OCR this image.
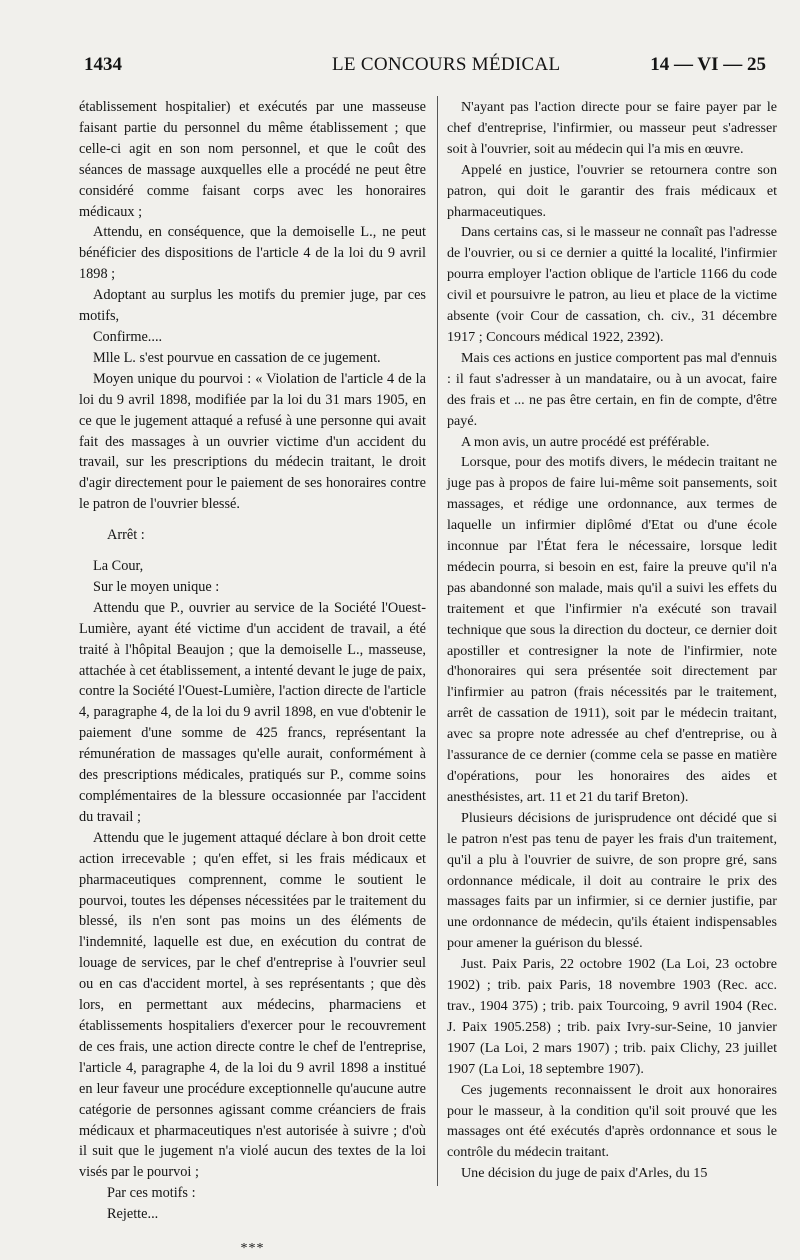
1434	LE CONCOURS MÉDICAL	14 — VI — 25

établissement hospitalier) et exécutés par une masseuse faisant partie du personnel du même établissement ; que celle-ci agit en son nom personnel, et que le coût des séances de massage auxquelles elle a procédé ne peut être considéré comme faisant corps avec les honoraires médicaux ;

Attendu, en conséquence, que la demoiselle L., ne peut bénéficier des dispositions de l'article 4 de la loi du 9 avril 1898 ;

Adoptant au surplus les motifs du premier juge, par ces motifs,

Confirme....

Mlle L. s'est pourvue en cassation de ce jugement.

Moyen unique du pourvoi : « Violation de l'article 4 de la loi du 9 avril 1898, modifiée par la loi du 31 mars 1905, en ce que le jugement attaqué a refusé à une personne qui avait fait des massages à un ouvrier victime d'un accident du travail, sur les prescriptions du médecin traitant, le droit d'agir directement pour le paiement de ses honoraires contre le patron de l'ouvrier blessé.

Arrêt :

La Cour,

Sur le moyen unique :

Attendu que P., ouvrier au service de la Société l'Ouest-Lumière, ayant été victime d'un accident de travail, a été traité à l'hôpital Beaujon ; que la demoiselle L., masseuse, attachée à cet établissement, a intenté devant le juge de paix, contre la Société l'Ouest-Lumière, l'action directe de l'article 4, paragraphe 4, de la loi du 9 avril 1898, en vue d'obtenir le paiement d'une somme de 425 francs, représentant la rémunération de massages qu'elle aurait, conformément à des prescriptions médicales, pratiqués sur P., comme soins complémentaires de la blessure occasionnée par l'accident du travail ;

Attendu que le jugement attaqué déclare à bon droit cette action irrecevable ; qu'en effet, si les frais médicaux et pharmaceutiques comprennent, comme le soutient le pourvoi, toutes les dépenses nécessitées par le traitement du blessé, ils n'en sont pas moins un des éléments de l'indemnité, laquelle est due, en exécution du contrat de louage de services, par le chef d'entreprise à l'ouvrier seul ou en cas d'accident mortel, à ses représentants ; que dès lors, en permettant aux médecins, pharmaciens et établissements hospitaliers d'exercer pour le recouvrement de ces frais, une action directe contre le chef de l'entreprise, l'article 4, paragraphe 4, de la loi du 9 avril 1898 a institué en leur faveur une procédure exceptionnelle qu'aucune autre catégorie de personnes agissant comme créanciers de frais médicaux et pharmaceutiques n'est autorisée à suivre ; d'où il suit que le jugement n'a violé aucun des textes de la loi visés par le pourvoi ;

Par ces motifs :

Rejette...

***

N'ayant pas l'action directe pour se faire payer par le chef d'entreprise, l'infirmier, ou masseur peut s'adresser soit à l'ouvrier, soit au médecin qui l'a mis en œuvre.

Appelé en justice, l'ouvrier se retournera contre son patron, qui doit le garantir des frais médicaux et pharmaceutiques.

Dans certains cas, si le masseur ne connaît pas l'adresse de l'ouvrier, ou si ce dernier a quitté la localité, l'infirmier pourra employer l'action oblique de l'article 1166 du code civil et poursuivre le patron, au lieu et place de la victime absente (voir Cour de cassation, ch. civ., 31 décembre 1917 ; Concours médical 1922, 2392).

Mais ces actions en justice comportent pas mal d'ennuis : il faut s'adresser à un mandataire, ou à un avocat, faire des frais et ... ne pas être certain, en fin de compte, d'être payé.

A mon avis, un autre procédé est préférable.

Lorsque, pour des motifs divers, le médecin traitant ne juge pas à propos de faire lui-même soit pansements, soit massages, et rédige une ordonnance, aux termes de laquelle un infirmier diplômé d'Etat ou d'une école inconnue par l'État fera le nécessaire, lorsque ledit médecin pourra, si besoin en est, faire la preuve qu'il n'a pas abandonné son malade, mais qu'il a suivi les effets du traitement et que l'infirmier n'a exécuté son travail technique que sous la direction du docteur, ce dernier doit apostiller et contresigner la note de l'infirmier, note d'honoraires qui sera présentée soit directement par l'infirmier au patron (frais nécessités par le traitement, arrêt de cassation de 1911), soit par le médecin traitant, avec sa propre note adressée au chef d'entreprise, ou à l'assurance de ce dernier (comme cela se passe en matière d'opérations, pour les honoraires des aides et anesthésistes, art. 11 et 21 du tarif Breton).

Plusieurs décisions de jurisprudence ont décidé que si le patron n'est pas tenu de payer les frais d'un traitement, qu'il a plu à l'ouvrier de suivre, de son propre gré, sans ordonnance médicale, il doit au contraire le prix des massages faits par un infirmier, si ce dernier justifie, par une ordonnance de médecin, qu'ils étaient indispensables pour amener la guérison du blessé.

Just. Paix Paris, 22 octobre 1902 (La Loi, 23 octobre 1902) ; trib. paix Paris, 18 novembre 1903 (Rec. acc. trav., 1904 375) ; trib. paix Tourcoing, 9 avril 1904 (Rec. J. Paix 1905.258) ; trib. paix Ivry-sur-Seine, 10 janvier 1907 (La Loi, 2 mars 1907) ; trib. paix Clichy, 23 juillet 1907 (La Loi, 18 septembre 1907).

Ces jugements reconnaissent le droit aux honoraires pour le masseur, à la condition qu'il soit prouvé que les massages ont été exécutés d'après ordonnance et sous le contrôle du médecin traitant.

Une décision du juge de paix d'Arles, du 15
